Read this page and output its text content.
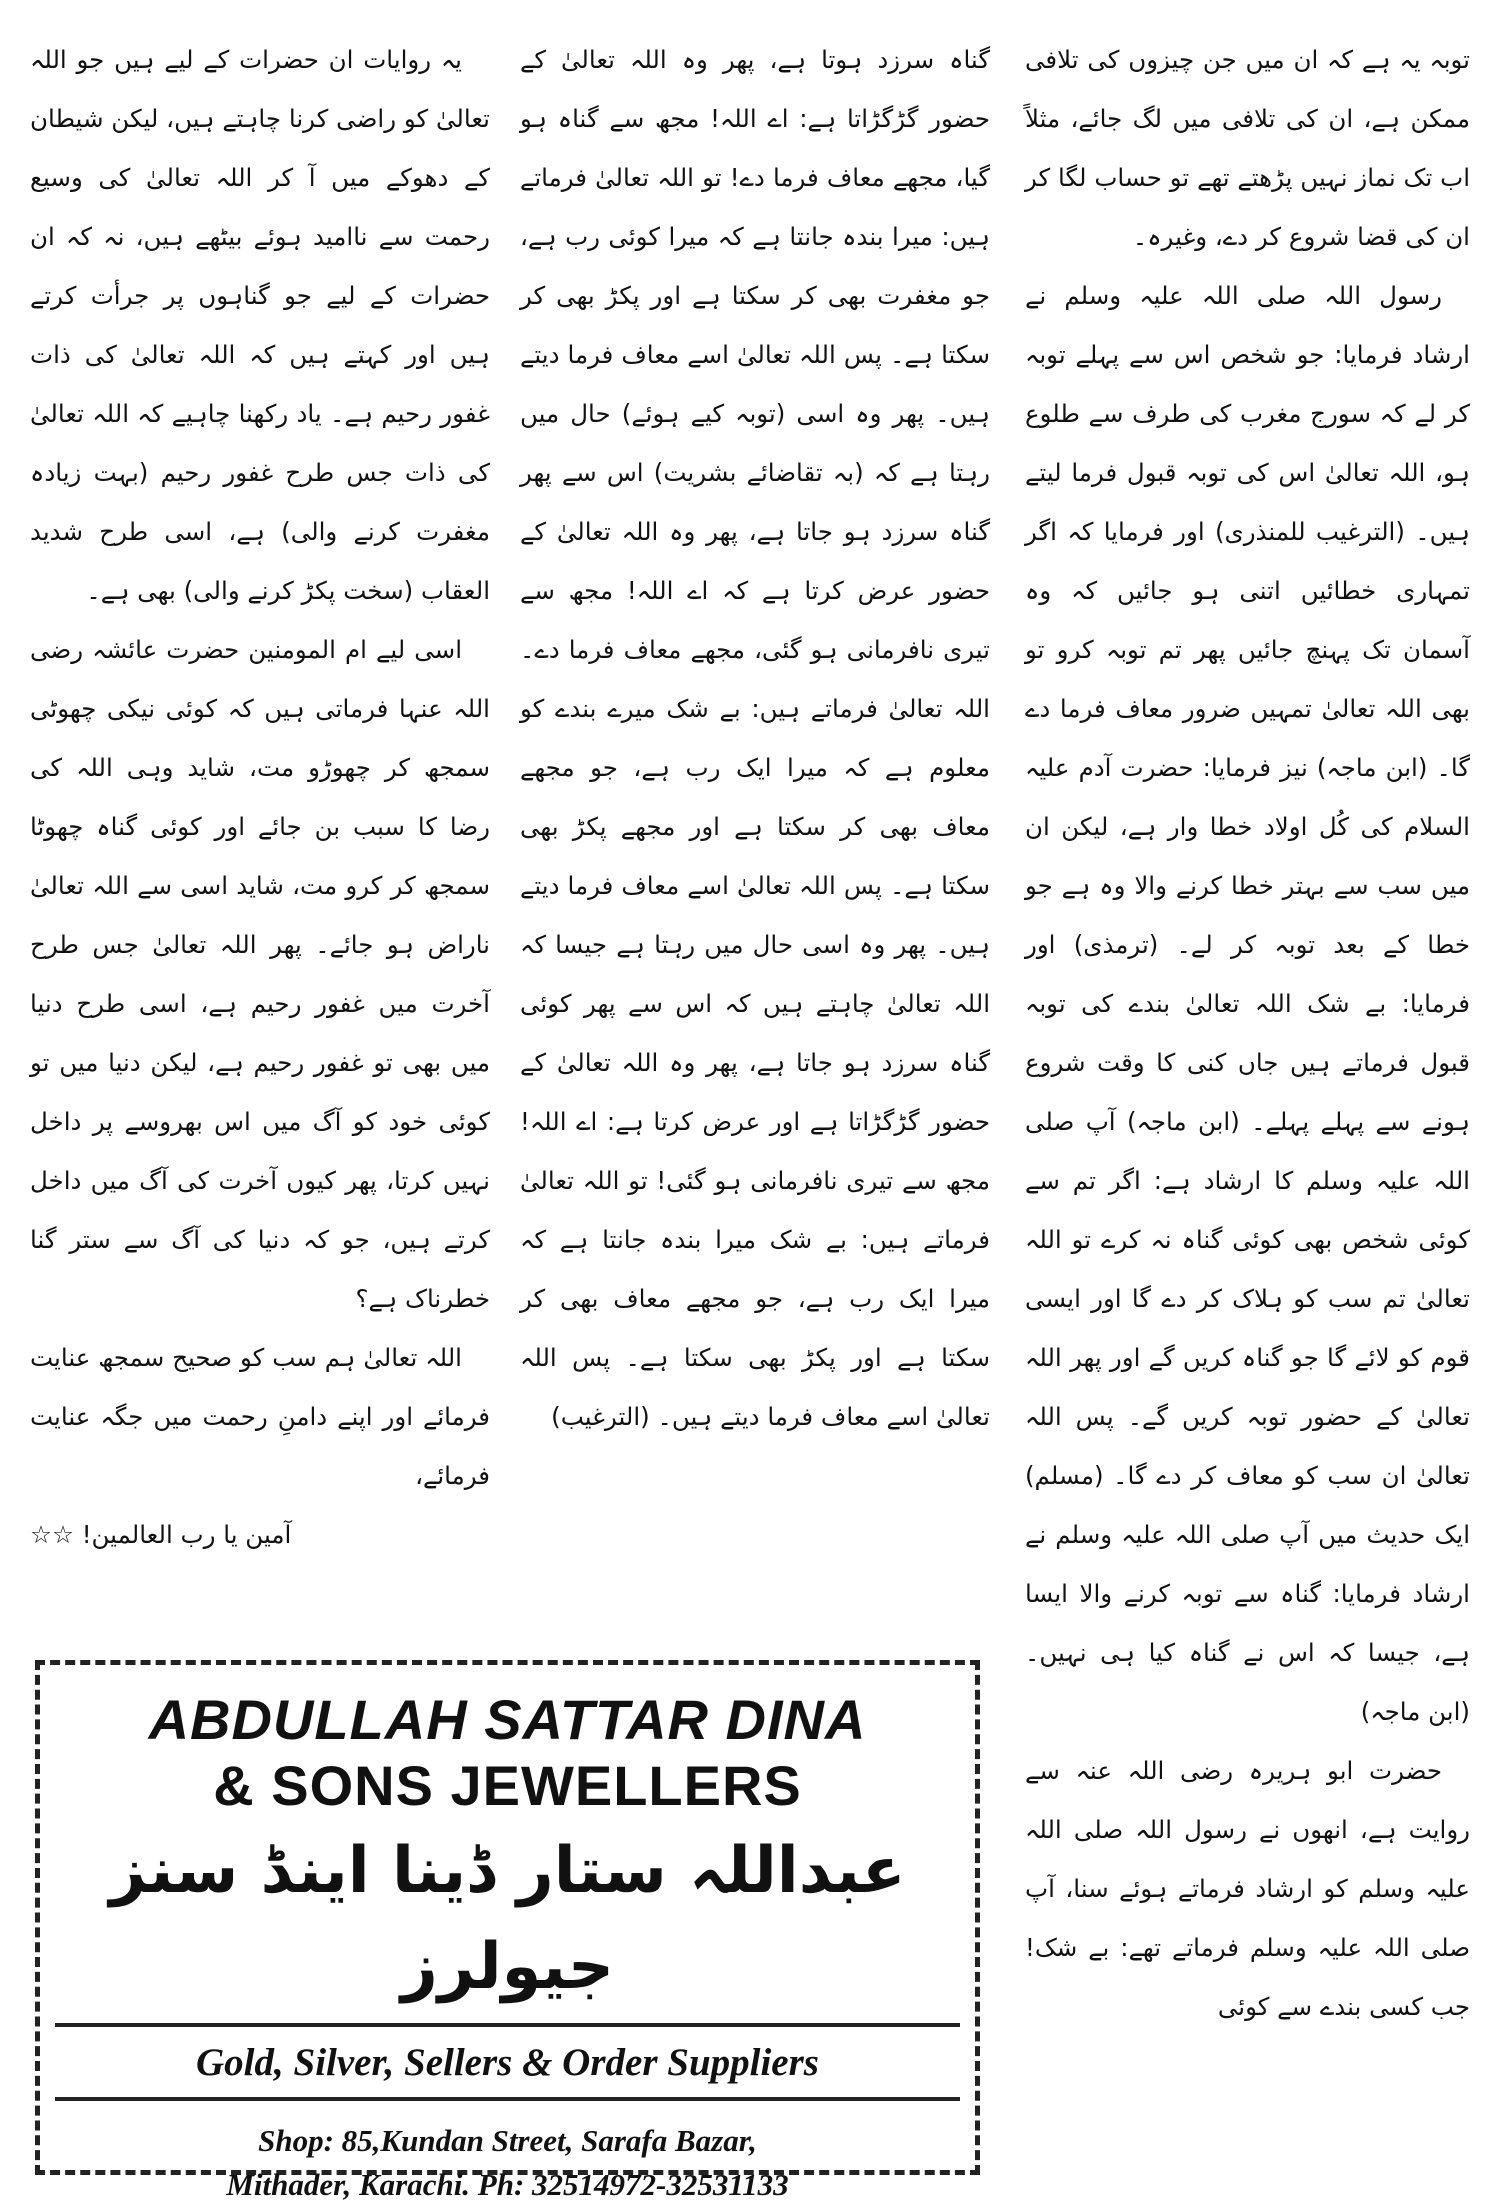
توبہ یہ ہے کہ ان میں جن چیزوں کی تلافی ممکن ہے، ان کی تلافی میں لگ جائے، مثلاً اب تک نماز نہیں پڑھتے تھے تو حساب لگا کر ان کی قضا شروع کر دے، وغیرہ۔

رسول اللہ صلی اللہ علیہ وسلم نے ارشاد فرمایا: جو شخص اس سے پہلے توبہ کر لے کہ سورج مغرب کی طرف سے طلوع ہو، اللہ تعالیٰ اس کی توبہ قبول فرما لیتے ہیں۔ (الترغیب للمنذری) اور فرمایا کہ اگر تمہاری خطائیں اتنی ہو جائیں کہ وہ آسمان تک پہنچ جائیں پھر تم توبہ کرو تو بھی اللہ تعالیٰ تمہیں ضرور معاف فرما دے گا۔ (ابن ماجہ) نیز فرمایا: حضرت آدم علیہ السلام کی کُل اولاد خطا وار ہے، لیکن ان میں سب سے بہتر خطا کرنے والا وہ ہے جو خطا کے بعد توبہ کر لے۔ (ترمذی) اور فرمایا: بے شک اللہ تعالیٰ بندے کی توبہ قبول فرماتے ہیں جاں کنی کا وقت شروع ہونے سے پہلے پہلے۔ (ابن ماجہ) آپ صلی اللہ علیہ وسلم کا ارشاد ہے: اگر تم سے کوئی شخص بھی کوئی گناہ نہ کرے تو اللہ تعالیٰ تم سب کو ہلاک کر دے گا اور ایسی قوم کو لائے گا جو گناہ کریں گے اور پھر اللہ تعالیٰ کے حضور توبہ کریں گے۔ پس اللہ تعالیٰ ان سب کو معاف کر دے گا۔ (مسلم) ایک حدیث میں آپ صلی اللہ علیہ وسلم نے ارشاد فرمایا: گناہ سے توبہ کرنے والا ایسا ہے، جیسا کہ اس نے گناہ کیا ہی نہیں۔ (ابن ماجہ)

حضرت ابو ہریرہ رضی اللہ عنہ سے روایت ہے، انھوں نے رسول اللہ صلی اللہ علیہ وسلم کو ارشاد فرماتے ہوئے سنا، آپ صلی اللہ علیہ وسلم فرماتے تھے: بے شک! جب کسی بندے سے کوئی

گناہ سرزد ہوتا ہے، پھر وہ اللہ تعالیٰ کے حضور گڑگڑاتا ہے: اے اللہ! مجھ سے گناہ ہو گیا، مجھے معاف فرما دے! تو اللہ تعالیٰ فرماتے ہیں: میرا بندہ جانتا ہے کہ میرا کوئی رب ہے، جو مغفرت بھی کر سکتا ہے اور پکڑ بھی کر سکتا ہے۔ پس اللہ تعالیٰ اسے معاف فرما دیتے ہیں۔ پھر وہ اسی (توبہ کیے ہوئے) حال میں رہتا ہے کہ (بہ تقاضائے بشریت) اس سے پھر گناہ سرزد ہو جاتا ہے، پھر وہ اللہ تعالیٰ کے حضور عرض کرتا ہے کہ اے اللہ! مجھ سے تیری نافرمانی ہو گئی، مجھے معاف فرما دے۔ اللہ تعالیٰ فرماتے ہیں: بے شک میرے بندے کو معلوم ہے کہ میرا ایک رب ہے، جو مجھے معاف بھی کر سکتا ہے اور مجھے پکڑ بھی سکتا ہے۔ پس اللہ تعالیٰ اسے معاف فرما دیتے ہیں۔ پھر وہ اسی حال میں رہتا ہے جیسا کہ اللہ تعالیٰ چاہتے ہیں کہ اس سے پھر کوئی گناہ سرزد ہو جاتا ہے، پھر وہ اللہ تعالیٰ کے حضور گڑگڑاتا ہے اور عرض کرتا ہے: اے اللہ! مجھ سے تیری نافرمانی ہو گئی! تو اللہ تعالیٰ فرماتے ہیں: بے شک میرا بندہ جانتا ہے کہ میرا ایک رب ہے، جو مجھے معاف بھی کر سکتا ہے اور پکڑ بھی سکتا ہے۔ پس اللہ تعالیٰ اسے معاف فرما دیتے ہیں۔ (الترغیب)

یہ روایات ان حضرات کے لیے ہیں جو اللہ تعالیٰ کو راضی کرنا چاہتے ہیں، لیکن شیطان کے دھوکے میں آ کر اللہ تعالیٰ کی وسیع رحمت سے ناامید ہوئے بیٹھے ہیں، نہ کہ ان حضرات کے لیے جو گناہوں پر جرأت کرتے ہیں اور کہتے ہیں کہ اللہ تعالیٰ کی ذات غفور رحیم ہے۔ یاد رکھنا چاہیے کہ اللہ تعالیٰ کی ذات جس طرح غفور رحیم (بہت زیادہ مغفرت کرنے والی) ہے، اسی طرح شدید العقاب (سخت پکڑ کرنے والی) بھی ہے۔

اسی لیے ام المومنین حضرت عائشہ رضی اللہ عنہا فرماتی ہیں کہ کوئی نیکی چھوٹی سمجھ کر چھوڑو مت، شاید وہی اللہ کی رضا کا سبب بن جائے اور کوئی گناہ چھوٹا سمجھ کر کرو مت، شاید اسی سے اللہ تعالیٰ ناراض ہو جائے۔ پھر اللہ تعالیٰ جس طرح آخرت میں غفور رحیم ہے، اسی طرح دنیا میں بھی تو غفور رحیم ہے، لیکن دنیا میں تو کوئی خود کو آگ میں اس بھروسے پر داخل نہیں کرتا، پھر کیوں آخرت کی آگ میں داخل کرتے ہیں، جو کہ دنیا کی آگ سے ستر گنا خطرناک ہے؟

اللہ تعالیٰ ہم سب کو صحیح سمجھ عنایت فرمائے اور اپنے دامنِ رحمت میں جگہ عنایت فرمائے،

آمین یا رب العالمین! ☆☆

ABDULLAH SATTAR DINA
& SONS JEWELLERS
عبداللہ ستار ڈینا اینڈ سنز جیولرز
Gold, Silver, Sellers & Order Suppliers
Shop: 85,Kundan Street, Sarafa Bazar,
Mithader, Karachi. Ph: 32514972-32531133
